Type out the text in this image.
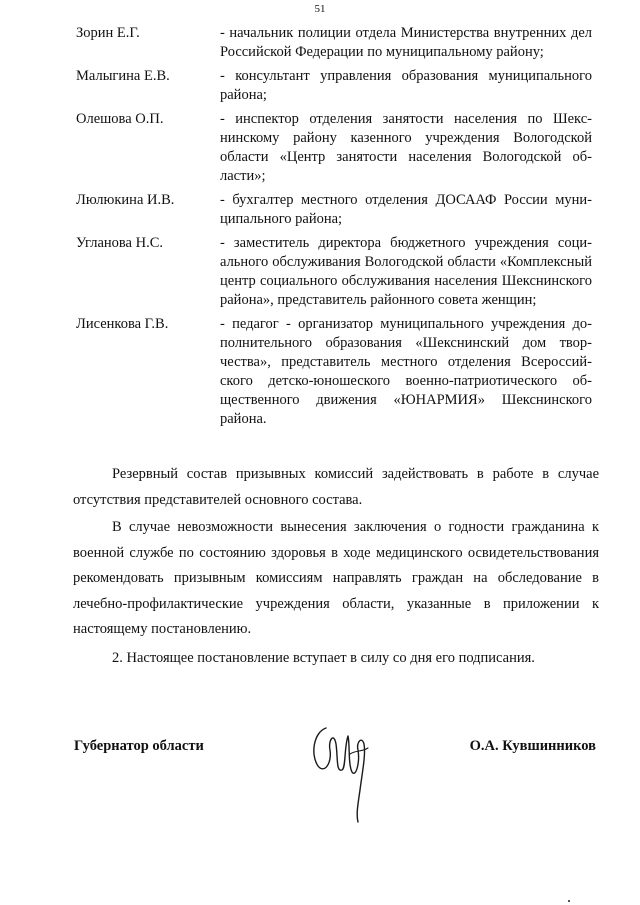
51
Зорин Е.Г.	- начальник полиции отдела Министерства внутренних дел Российской Федерации по муниципальному району;
Малыгина Е.В.	- консультант управления образования муниципального района;
Олешова О.П.	- инспектор отделения занятости населения по Шекснинскому району казенного учреждения Вологодской области «Центр занятости населения Вологодской области»;
Люлюкина И.В.	- бухгалтер местного отделения ДОСААФ России муниципального района;
Угланова Н.С.	- заместитель директора бюджетного учреждения социального обслуживания Вологодской области «Комплексный центр социального обслуживания населения Шекснинского района», представитель районного совета женщин;
Лисенкова Г.В.	- педагог - организатор муниципального учреждения дополнительного образования «Шекснинский дом творчества», представитель местного отделения Всероссийского детско-юношеского военно-патриотического общественного движения «ЮНАРМИЯ» Шекснинского района.

Резервный состав призывных комиссий задействовать в работе в случае отсутствия представителей основного состава.

В случае невозможности вынесения заключения о годности гражданина к военной службе по состоянию здоровья в ходе медицинского освидетельствования рекомендовать призывным комиссиям направлять граждан на обследование в лечебно-профилактические учреждения области, указанные в приложении к настоящему постановлению.

2. Настоящее постановление вступает в силу со дня его подписания.

Губернатор области	О.А. Кувшинников
